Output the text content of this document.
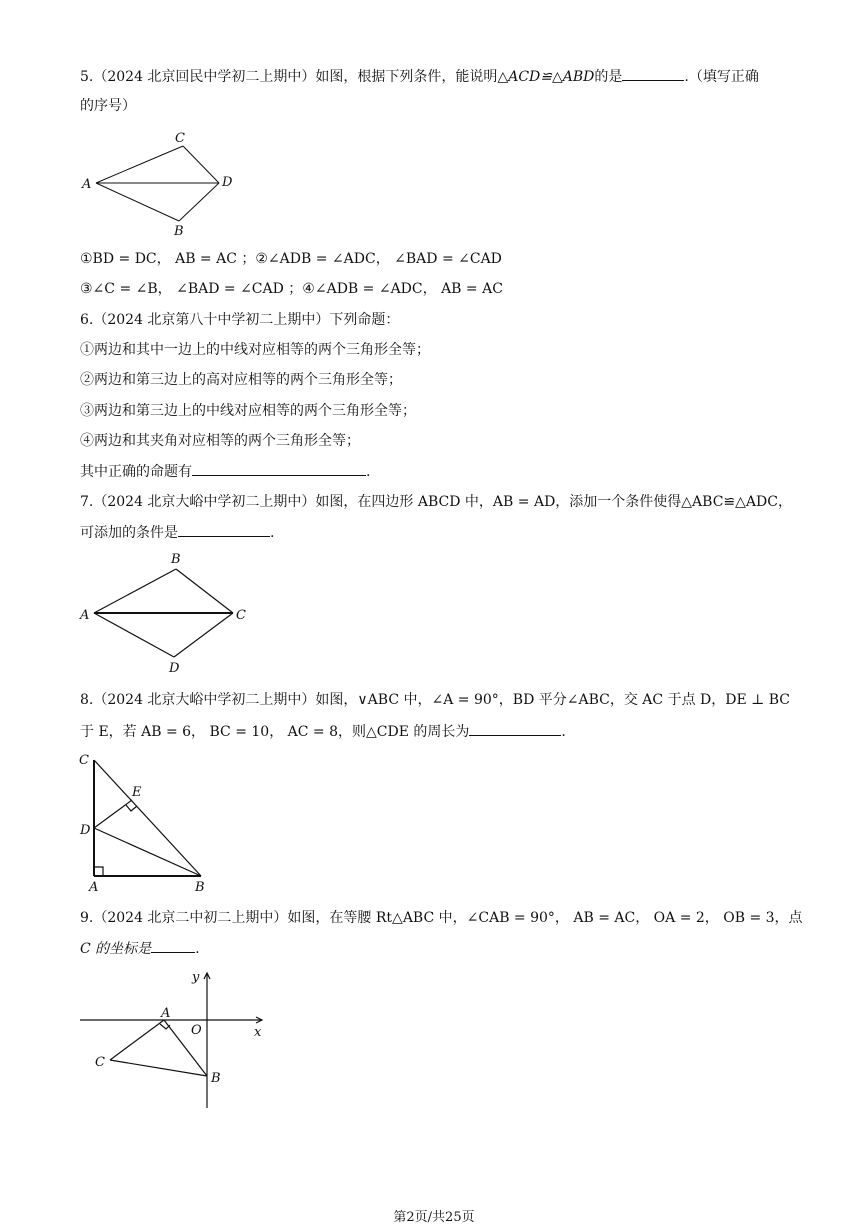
5.（2024 北京回民中学初二上期中）如图，根据下列条件，能说明△ACD≌△ABD的是	.（填写正确
的序号）
C
A	D
B
①BD = DC， AB = AC ；②∠ADB = ∠ADC， ∠BAD = ∠CAD
③∠C = ∠B， ∠BAD = ∠CAD ；④∠ADB = ∠ADC， AB = AC
6.（2024 北京第八十中学初二上期中）下列命题：
①两边和其中一边上的中线对应相等的两个三角形全等；
②两边和第三边上的高对应相等的两个三角形全等；
③两边和第三边上的中线对应相等的两个三角形全等；
④两边和其夹角对应相等的两个三角形全等；
其中正确的命题有	.
7.（2024 北京大峪中学初二上期中）如图，在四边形 ABCD 中，AB = AD，添加一个条件使得△ABC≌△ADC，
可添加的条件是	.
B
A	C
D
8.（2024 北京大峪中学初二上期中）如图，∨ABC 中，∠A = 90°，BD 平分∠ABC，交 AC 于点 D，DE ⊥ BC
于 E，若 AB = 6， BC = 10， AC = 8，则△CDE 的周长为	.
C
E
D
A	B
9.（2024 北京二中初二上期中）如图，在等腰 Rt△ABC 中，∠CAB = 90°， AB = AC， OA = 2， OB = 3，点
C 的坐标是	.
y
A
O	x
C
B
第2页/共25页
